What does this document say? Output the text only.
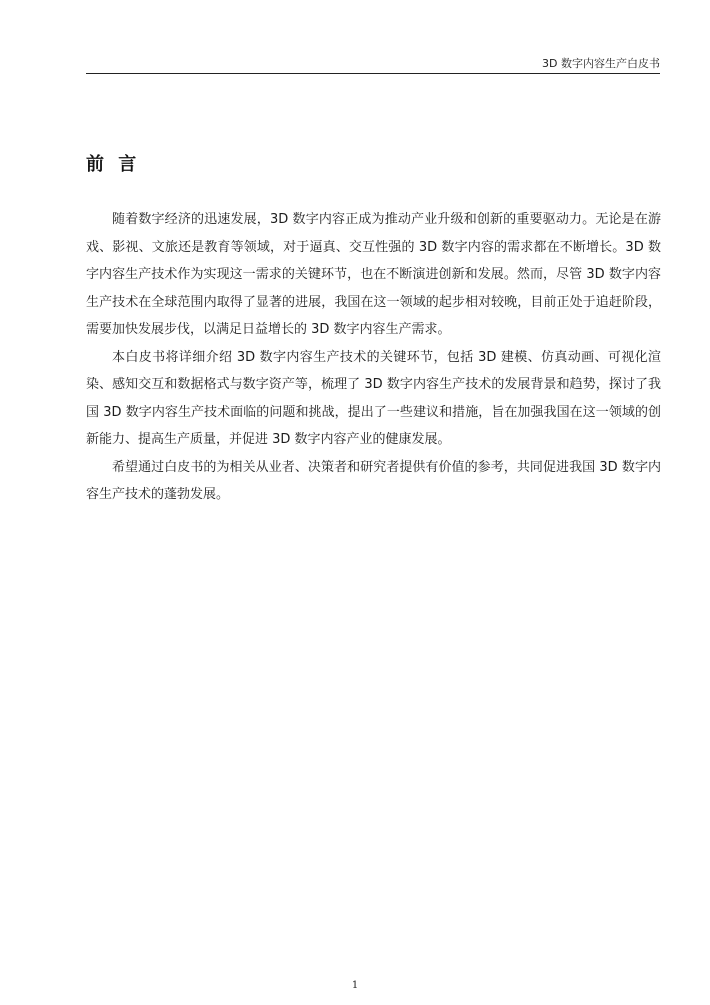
3D 数字内容生产白皮书
前 言

随着数字经济的迅速发展，3D 数字内容正成为推动产业升级和创新的重要驱动力。无论是在游戏、影视、文旅还是教育等领域，对于逼真、交互性强的 3D 数字内容的需求都在不断增长。3D 数字内容生产技术作为实现这一需求的关键环节，也在不断演进创新和发展。然而，尽管 3D 数字内容生产技术在全球范围内取得了显著的进展，我国在这一领域的起步相对较晚，目前正处于追赶阶段，需要加快发展步伐，以满足日益增长的 3D 数字内容生产需求。

本白皮书将详细介绍 3D 数字内容生产技术的关键环节，包括 3D 建模、仿真动画、可视化渲染、感知交互和数据格式与数字资产等，梳理了 3D 数字内容生产技术的发展背景和趋势，探讨了我国 3D 数字内容生产技术面临的问题和挑战，提出了一些建议和措施，旨在加强我国在这一领域的创新能力、提高生产质量，并促进 3D 数字内容产业的健康发展。

希望通过白皮书的为相关从业者、决策者和研究者提供有价值的参考，共同促进我国 3D 数字内容生产技术的蓬勃发展。

1
